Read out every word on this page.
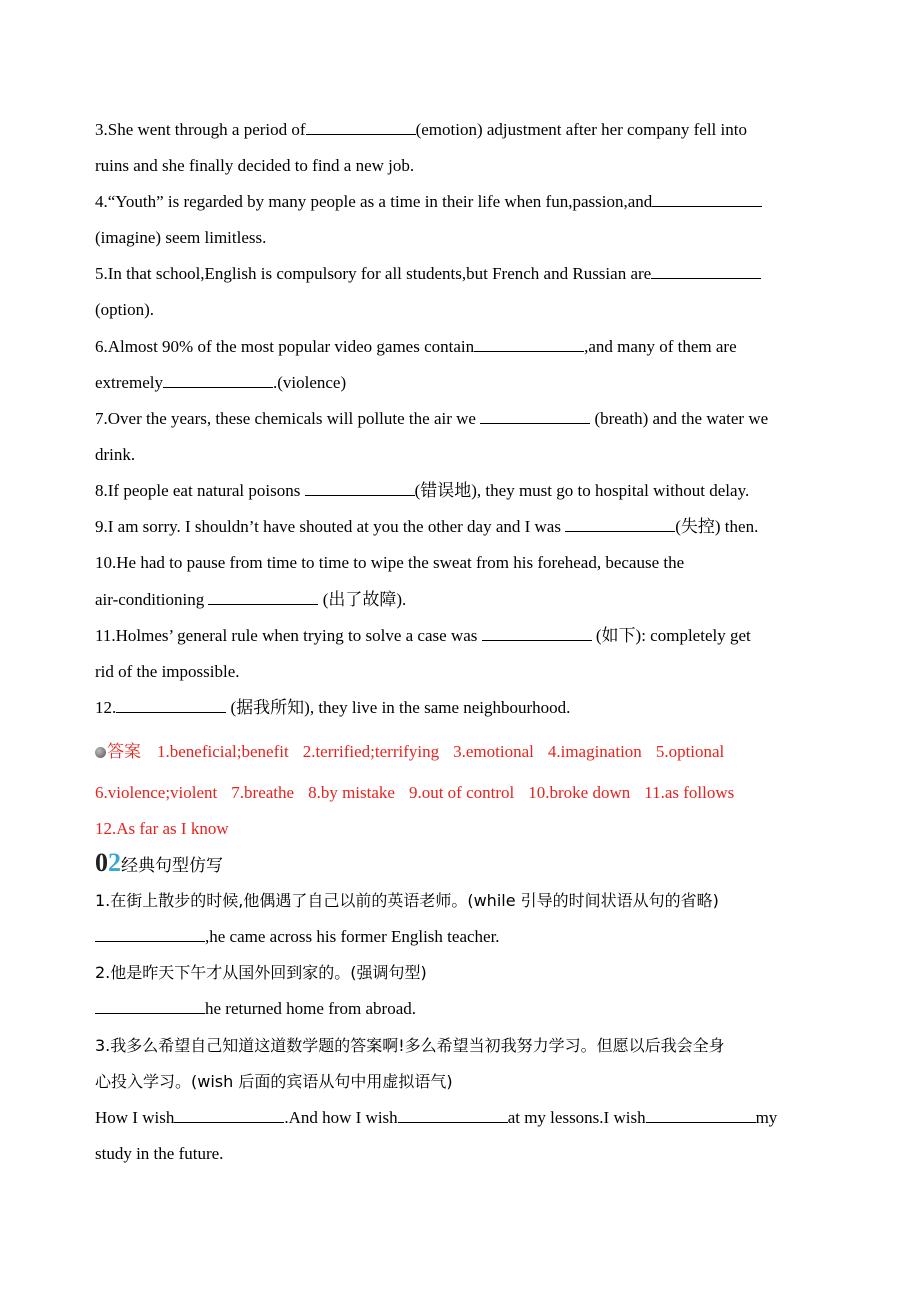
3.She went through a period of	(emotion) adjustment after her company fell into
ruins and she finally decided to find a new job.
4.“Youth” is regarded by many people as a time in their life when fun,passion,and
(imagine) seem limitless.
5.In that school,English is compulsory for all students,but French and Russian are
(option).
6.Almost 90% of the most popular video games contain	,and many of them are
extremely	.(violence)
7.Over the years, these chemicals will pollute the air we	(breath) and the water we
drink.
8.If people eat natural poisons	(错误地), they must go to hospital without delay.
9.I am sorry. I shouldn’t have shouted at you the other day and I was	(失控) then.
10.He had to pause from time to time to wipe the sweat from his forehead, because the
air-conditioning	(出了故障).
11.Holmes’ general rule when trying to solve a case was	(如下): completely get
rid of the impossible.
12.	(据我所知), they live in the same neighbourhood.
答案 1.beneficial;benefit 2.terrified;terrifying 3.emotional 4.imagination 5.optional
6.violence;violent 7.breathe 8.by mistake 9.out of control 10.broke down 11.as follows
12.As far as I know
02经典句型仿写
1.在街上散步的时候,他偶遇了自己以前的英语老师。(while 引导的时间状语从句的省略)
,he came across his former English teacher.
2.他是昨天下午才从国外回到家的。(强调句型)
he returned home from abroad.
3.我多么希望自己知道这道数学题的答案啊!多么希望当初我努力学习。但愿以后我会全身
心投入学习。(wish 后面的宾语从句中用虚拟语气)
How I wish	.And how I wish	at my lessons.I wish	my
study in the future.
